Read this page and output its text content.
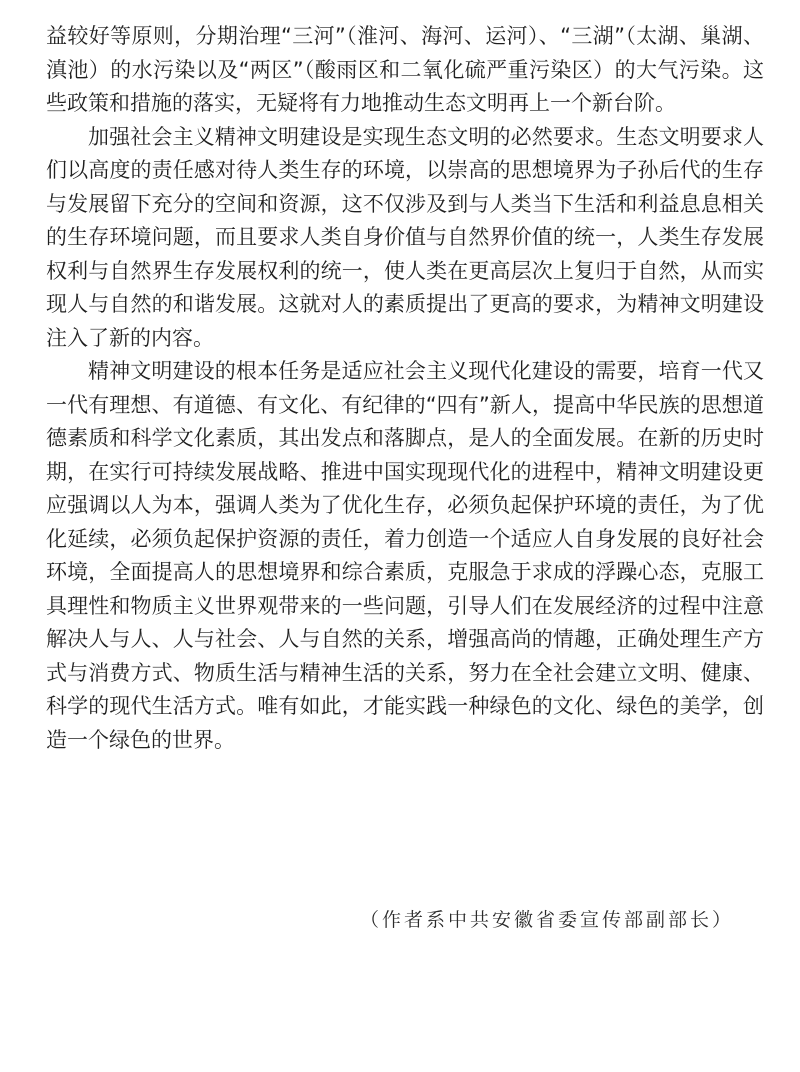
益较好等原则，分期治理“三河”（淮河、海河、运河）、“三湖”（太湖、巢湖、滇池）的水污染以及“两区”（酸雨区和二氧化硫严重污染区）的大气污染。这些政策和措施的落实，无疑将有力地推动生态文明再上一个新台阶。

加强社会主义精神文明建设是实现生态文明的必然要求。生态文明要求人们以高度的责任感对待人类生存的环境，以崇高的思想境界为子孙后代的生存与发展留下充分的空间和资源，这不仅涉及到与人类当下生活和利益息息相关的生存环境问题，而且要求人类自身价值与自然界价值的统一，人类生存发展权利与自然界生存发展权利的统一，使人类在更高层次上复归于自然，从而实现人与自然的和谐发展。这就对人的素质提出了更高的要求，为精神文明建设注入了新的内容。

精神文明建设的根本任务是适应社会主义现代化建设的需要，培育一代又一代有理想、有道德、有文化、有纪律的“四有”新人，提高中华民族的思想道德素质和科学文化素质，其出发点和落脚点，是人的全面发展。在新的历史时期，在实行可持续发展战略、推进中国实现现代化的进程中，精神文明建设更应强调以人为本，强调人类为了优化生存，必须负起保护环境的责任，为了优化延续，必须负起保护资源的责任，着力创造一个适应人自身发展的良好社会环境，全面提高人的思想境界和综合素质，克服急于求成的浮躁心态，克服工具理性和物质主义世界观带来的一些问题，引导人们在发展经济的过程中注意解决人与人、人与社会、人与自然的关系，增强高尚的情趣，正确处理生产方式与消费方式、物质生活与精神生活的关系，努力在全社会建立文明、健康、科学的现代生活方式。唯有如此，才能实践一种绿色的文化、绿色的美学，创造一个绿色的世界。

（作者系中共安徽省委宣传部副部长）
